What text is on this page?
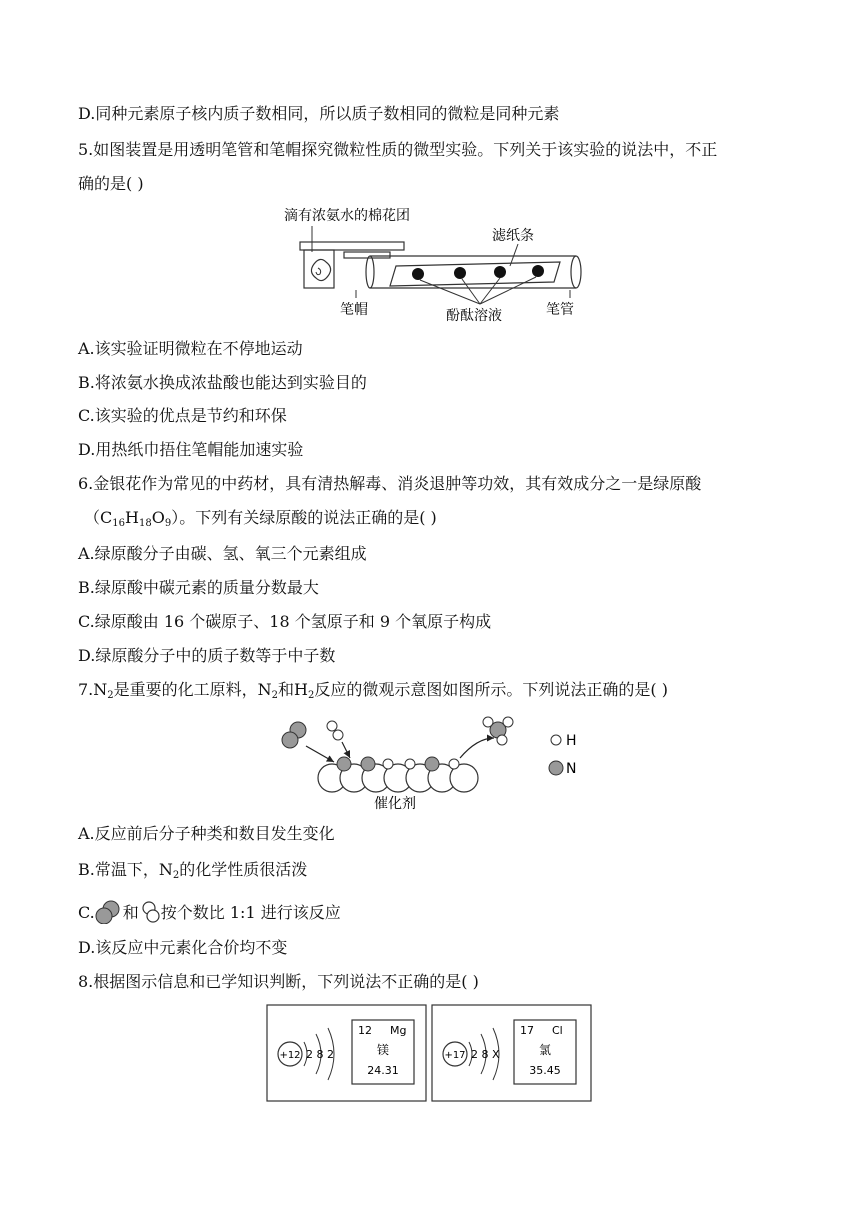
D.同种元素原子核内质子数相同，所以质子数相同的微粒是同种元素
5.如图装置是用透明笔管和笔帽探究微粒性质的微型实验。下列关于该实验的说法中，不正
确的是( )
滴有浓氨水的棉花团
滤纸条
笔帽	酚酞溶液	笔管
A.该实验证明微粒在不停地运动
B.将浓氨水换成浓盐酸也能达到实验目的
C.该实验的优点是节约和环保
D.用热纸巾捂住笔帽能加速实验
6.金银花作为常见的中药材，具有清热解毒、消炎退肿等功效，其有效成分之一是绿原酸
$(C_{16}H_{18}O_9)$。下列有关绿原酸的说法正确的是( )
A.绿原酸分子由碳、氢、氧三个元素组成
B.绿原酸中碳元素的质量分数最大
C.绿原酸由 16 个碳原子、18 个氢原子和 9 个氧原子构成
D.绿原酸分子中的质子数等于中子数
$7.N_2$是重要的化工原料，$N_2$和$H_2$反应的微观示意图如图所示。下列说法正确的是( )
H
N
催化剂
A.反应前后分子种类和数目发生变化
B.常温下，$N_2$的化学性质很活泼
C. 和 按个数比 1:1 进行该反应
D.该反应中元素化合价均不变
8.根据图示信息和已学知识判断，下列说法不正确的是( )
+12 2 8 2
12 Mg
镁
24.31
+17 2 8 X
17 Cl
氯
35.45
